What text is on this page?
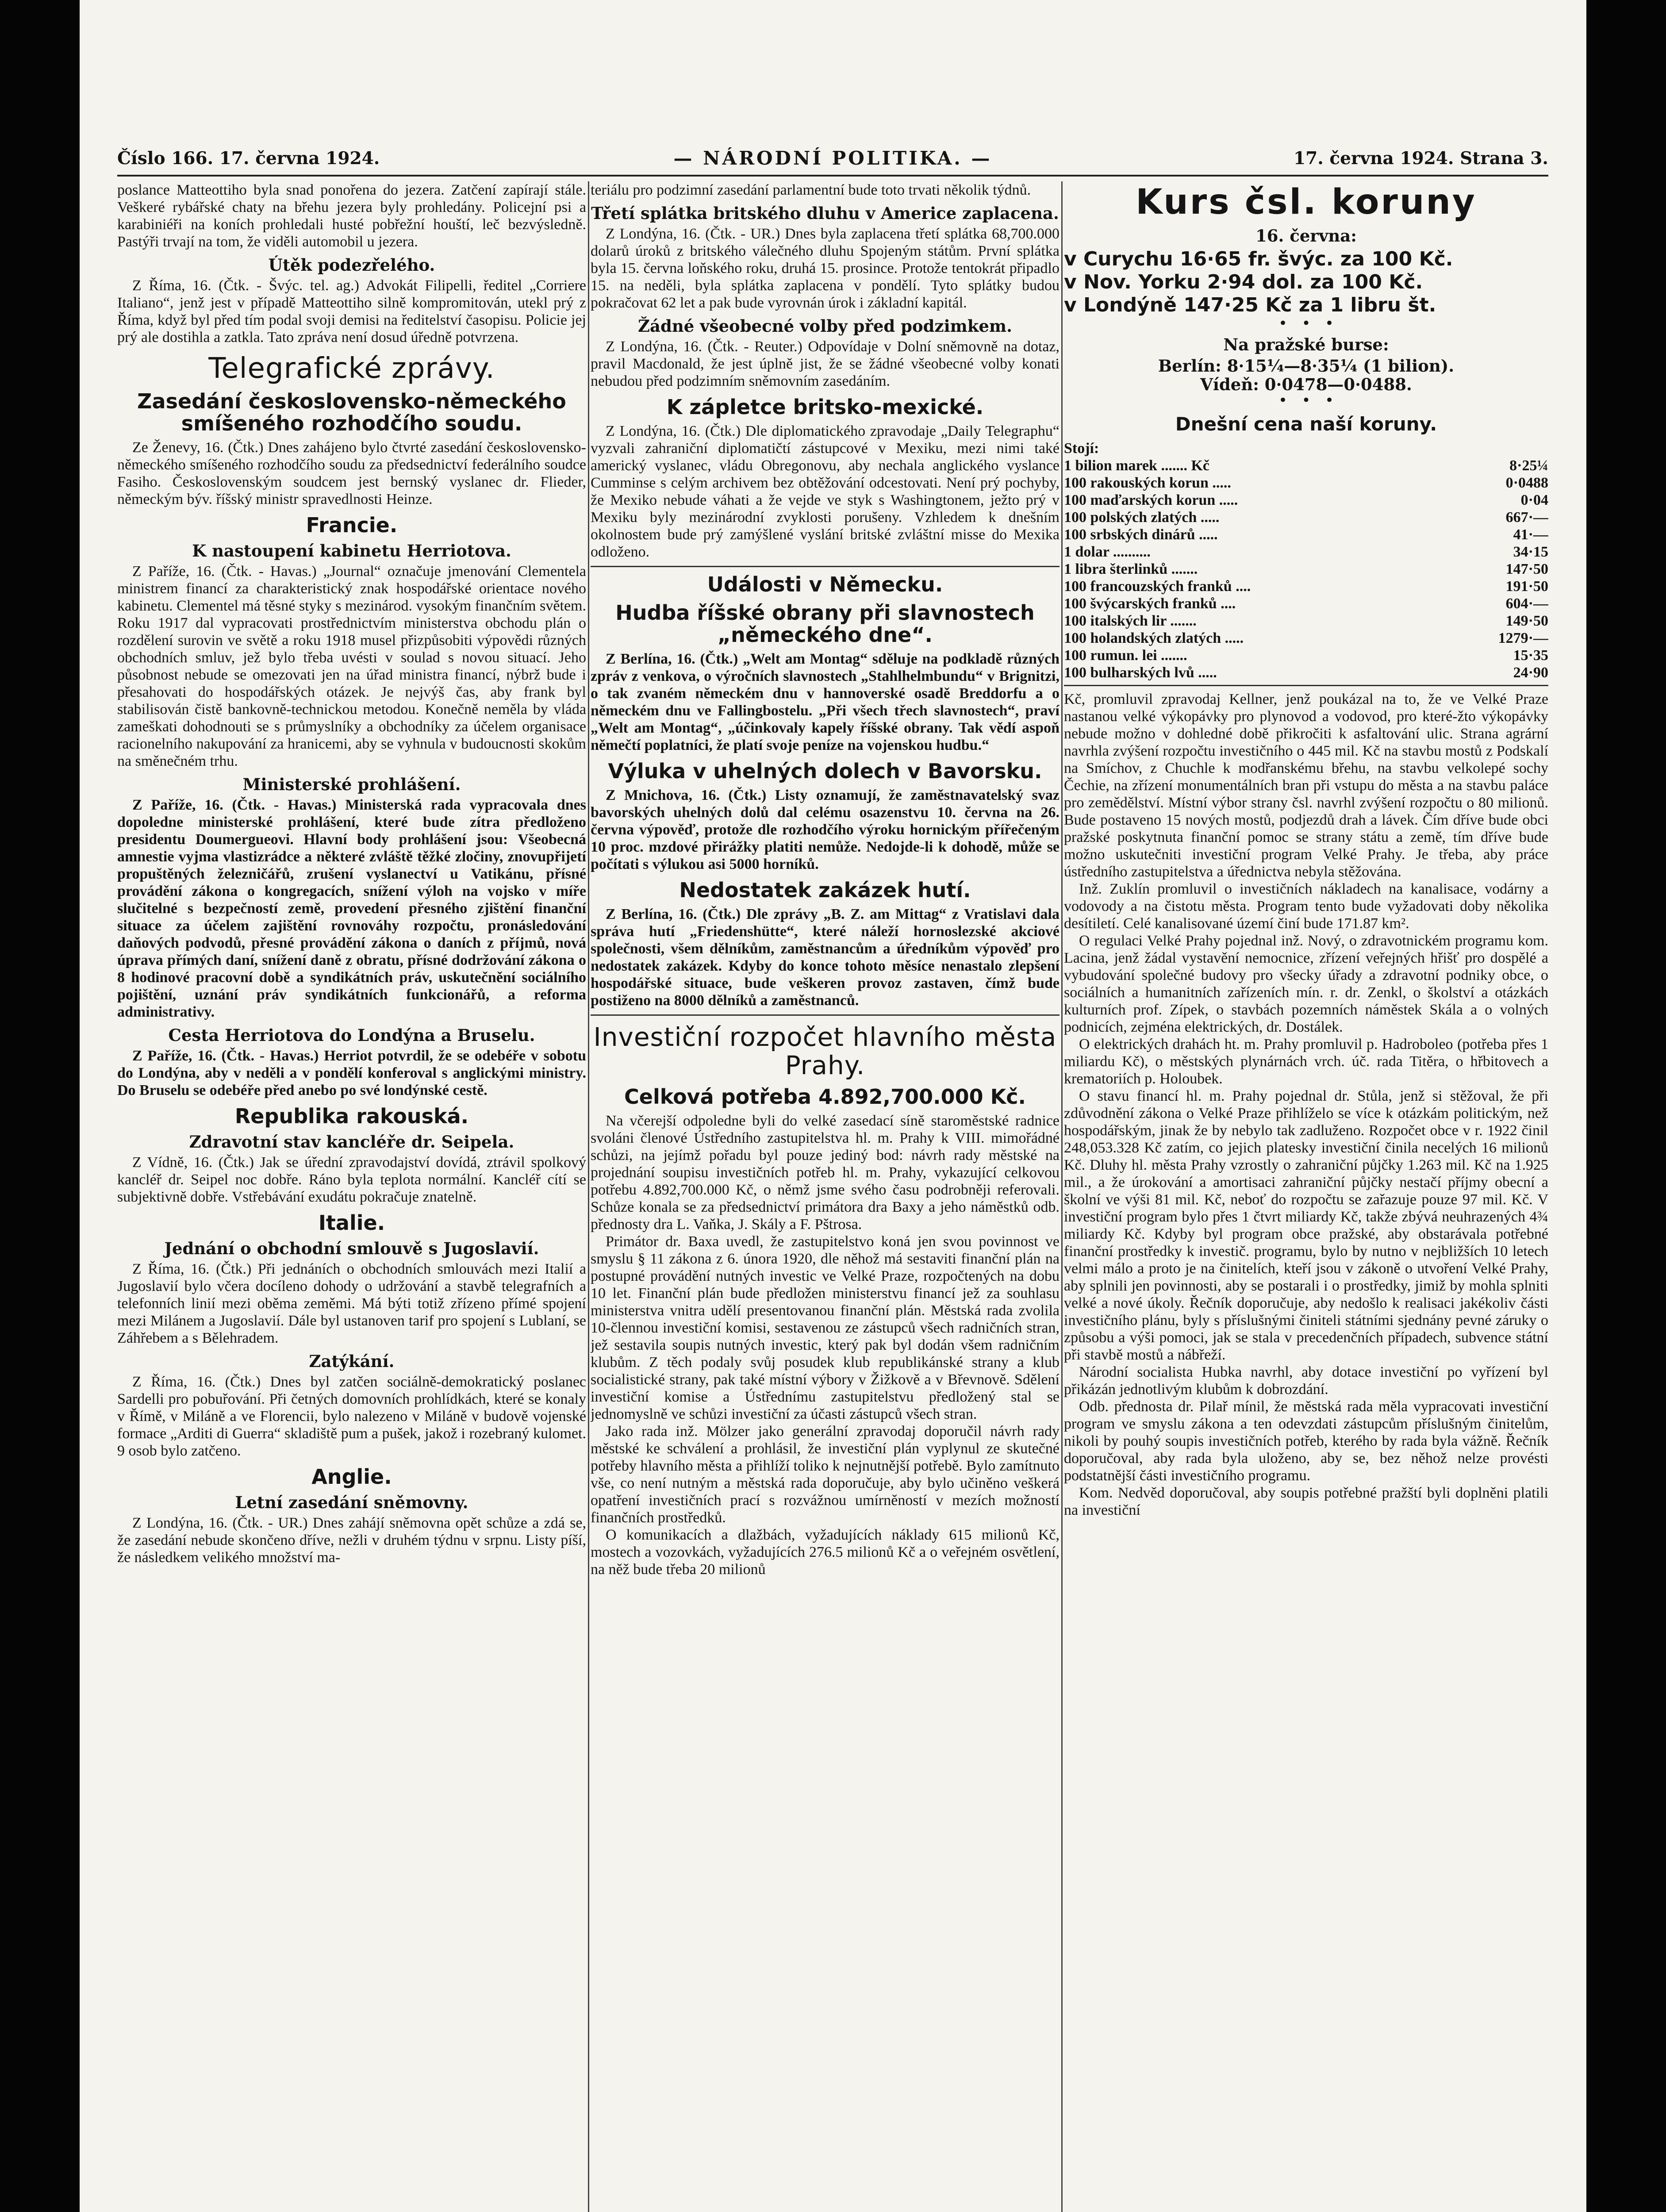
Číslo 166. 17. června 1924.	— NÁRODNÍ POLITIKA. —	17. června 1924. Strana 3.

poslance Matteottiho byla snad ponořena do jezera. Zatčení zapírají stále. Veškeré rybářské chaty na břehu jezera byly prohledány. Policejní psi a karabiniéři na koních prohledali husté pobřežní houští, leč bezvýsledně. Pastýři trvají na tom, že viděli automobil u jezera.

Útěk podezřelého.

Z Říma, 16. (Čtk. - Švýc. tel. ag.) Advokát Filipelli, ředitel „Corriere Italiano“, jenž jest v případě Matteottiho silně kompromitován, utekl prý z Říma, když byl před tím podal svoji demisi na ředitelství časopisu. Policie jej prý ale dostihla a zatkla. Tato zpráva není dosud úředně potvrzena.

Telegrafické zprávy.
Zasedání československo-německého smíšeného rozhodčího soudu.

Ze Ženevy, 16. (Čtk.) Dnes zahájeno bylo čtvrté zasedání československo-německého smíšeného rozhodčího soudu za předsednictví federálního soudce Fasiho. Československým soudcem jest bernský vyslanec dr. Flieder, německým býv. říšský ministr spravedlnosti Heinze.

Francie.
K nastoupení kabinetu Herriotova.

Z Paříže, 16. (Čtk. - Havas.) „Journal“ označuje jmenování Clementela ministrem financí za charakteristický znak hospodářské orientace nového kabinetu. Clementel má těsné styky s mezinárod. vysokým finančním světem. Roku 1917 dal vypracovati prostřednictvím ministerstva obchodu plán o rozdělení surovin ve světě a roku 1918 musel přizpůsobiti výpovědi různých obchodních smluv, jež bylo třeba uvésti v soulad s novou situací. Jeho působnost nebude se omezovati jen na úřad ministra financí, nýbrž bude i přesahovati do hospodářských otázek. Je nejvýš čas, aby frank byl stabilisován čistě bankovně-technickou metodou. Konečně neměla by vláda zameškati dohodnouti se s průmyslníky a obchodníky za účelem organisace racionelního nakupování za hranicemi, aby se vyhnula v budoucnosti skokům na směnečném trhu.

Ministerské prohlášení.

Z Paříže, 16. (Čtk. - Havas.) Ministerská rada vypracovala dnes dopoledne ministerské prohlášení, které bude zítra předloženo presidentu Doumergueovi. Hlavní body prohlášení jsou: Všeobecná amnestie vyjma vlastizrádce a některé zvláště těžké zločiny, znovupřijetí propuštěných železničářů, zrušení vyslanectví u Vatikánu, přísné provádění zákona o kongregacích, snížení výloh na vojsko v míře slučitelné s bezpečností země, provedení přesného zjištění finanční situace za účelem zajištění rovnováhy rozpočtu, pronásledování daňových podvodů, přesné provádění zákona o daních z příjmů, nová úprava přímých daní, snížení daně z obratu, přísné dodržování zákona o 8 hodinové pracovní době a syndikátních práv, uskutečnění sociálního pojištění, uznání práv syndikátních funkcionářů, a reforma administrativy.

Cesta Herriotova do Londýna a Bruselu.

Z Paříže, 16. (Čtk. - Havas.) Herriot potvrdil, že se odebéře v sobotu do Londýna, aby v neděli a v pondělí konferoval s anglickými ministry. Do Bruselu se odebéře před anebo po své londýnské cestě.

Republika rakouská.
Zdravotní stav kancléře dr. Seipela.

Z Vídně, 16. (Čtk.) Jak se úřední zpravodajství dovídá, ztrávil spolkový kancléř dr. Seipel noc dobře. Ráno byla teplota normální. Kancléř cítí se subjektivně dobře. Vstřebávání exudátu pokračuje znatelně.

Italie.
Jednání o obchodní smlouvě s Jugoslavií.

Z Říma, 16. (Čtk.) Při jednáních o obchodních smlouvách mezi Italií a Jugoslavií bylo včera docíleno dohody o udržování a stavbě telegrafních a telefonních linií mezi oběma zeměmi. Má býti totiž zřízeno přímé spojení mezi Milánem a Jugoslavií. Dále byl ustanoven tarif pro spojení s Lublaní, se Záhřebem a s Bělehradem.

Zatýkání.

Z Říma, 16. (Čtk.) Dnes byl zatčen sociálně-demokratický poslanec Sardelli pro pobuřování. Při četných domovních prohlídkách, které se konaly v Římě, v Miláně a ve Florencii, bylo nalezeno v Miláně v budově vojenské formace „Arditi di Guerra“ skladiště pum a pušek, jakož i rozebraný kulomet. 9 osob bylo zatčeno.

Anglie.
Letní zasedání sněmovny.

Z Londýna, 16. (Čtk. - UR.) Dnes zahájí sněmovna opět schůze a zdá se, že zasedání nebude skončeno dříve, nežli v druhém týdnu v srpnu. Listy píší, že následkem velikého množství ma-

teriálu pro podzimní zasedání parlamentní bude toto trvati několik týdnů.

Třetí splátka britského dluhu v Americe zaplacena.

Z Londýna, 16. (Čtk. - UR.) Dnes byla zaplacena třetí splátka 68,700.000 dolarů úroků z britského válečného dluhu Spojeným státům. První splátka byla 15. června loňského roku, druhá 15. prosince. Protože tentokrát připadlo 15. na neděli, byla splátka zaplacena v pondělí. Tyto splátky budou pokračovat 62 let a pak bude vyrovnán úrok i základní kapitál.

Žádné všeobecné volby před podzimkem.

Z Londýna, 16. (Čtk. - Reuter.) Odpovídaje v Dolní sněmovně na dotaz, pravil Macdonald, že jest úplně jist, že se žádné všeobecné volby konati nebudou před podzimním sněmovním zasedáním.

K zápletce britsko-mexické.

Z Londýna, 16. (Čtk.) Dle diplomatického zpravodaje „Daily Telegraphu“ vyzvali zahraniční diplomatičtí zástupcové v Mexiku, mezi nimi také americký vyslanec, vládu Obregonovu, aby nechala anglického vyslance Cumminse s celým archivem bez obtěžování odcestovati. Není prý pochyby, že Mexiko nebude váhati a že vejde ve styk s Washingtonem, ježto prý v Mexiku byly mezinárodní zvyklosti porušeny. Vzhledem k dnešním okolnostem bude prý zamýšlené vyslání britské zvláštní misse do Mexika odloženo.

Události v Německu.
Hudba říšské obrany při slavnostech „německého dne“.

Z Berlína, 16. (Čtk.) „Welt am Montag“ sděluje na podkladě různých zpráv z venkova, o výročních slavnostech „Stahlhelmbundu“ v Brignitzi, o tak zvaném německém dnu v hannoverské osadě Breddorfu a o německém dnu ve Fallingbostelu. „Při všech třech slavnostech“, praví „Welt am Montag“, „účinkovaly kapely říšské obrany. Tak vědí aspoň němečtí poplatníci, že platí svoje peníze na vojenskou hudbu.“

Výluka v uhelných dolech v Bavorsku.

Z Mnichova, 16. (Čtk.) Listy oznamují, že zaměstnavatelský svaz bavorských uhelných dolů dal celému osazenstvu 10. června na 26. června výpověď, protože dle rozhodčího výroku hornickým přířečeným 10 proc. mzdové přirážky platiti nemůže. Nedojde-li k dohodě, může se počítati s výlukou asi 5000 horníků.

Nedostatek zakázek hutí.

Z Berlína, 16. (Čtk.) Dle zprávy „B. Z. am Mittag“ z Vratislavi dala správa hutí „Friedenshütte“, které náleží hornoslezské akciové společnosti, všem dělníkům, zaměstnancům a úředníkům výpověď pro nedostatek zakázek. Kdyby do konce tohoto měsíce nenastalo zlepšení hospodářské situace, bude veškeren provoz zastaven, čímž bude postiženo na 8000 dělníků a zaměstnanců.

Investiční rozpočet hlavního města Prahy.
Celková potřeba 4.892,700.000 Kč.

Na včerejší odpoledne byli do velké zasedací síně staroměstské radnice svoláni členové Ústředního zastupitelstva hl. m. Prahy k VIII. mimořádné schůzi, na jejímž pořadu byl pouze jediný bod: návrh rady městské na projednání soupisu investičních potřeb hl. m. Prahy, vykazující celkovou potřebu 4.892,700.000 Kč, o němž jsme svého času podrobněji referovali. Schůze konala se za předsednictví primátora dra Baxy a jeho náměstků odb. přednosty dra L. Vaňka, J. Skály a F. Pštrosa.

Primátor dr. Baxa uvedl, že zastupitelstvo koná jen svou povinnost ve smyslu § 11 zákona z 6. února 1920, dle něhož má sestaviti finanční plán na postupné provádění nutných investic ve Velké Praze, rozpočtených na dobu 10 let. Finanční plán bude předložen ministerstvu financí jež za souhlasu ministerstva vnitra udělí presentovanou finanční plán. Městská rada zvolila 10-člennou investiční komisi, sestavenou ze zástupců všech radničních stran, jež sestavila soupis nutných investic, který pak byl dodán všem radničním klubům. Z těch podaly svůj posudek klub republikánské strany a klub socialistické strany, pak také místní výbory v Žižkově a v Břevnově. Sdělení investiční komise a Ústřednímu zastupitelstvu předložený stal se jednomyslně ve schůzi investiční za účasti zástupců všech stran.

Jako rada inž. Mölzer jako generální zpravodaj doporučil návrh rady městské ke schválení a prohlásil, že investiční plán vyplynul ze skutečné potřeby hlavního města a přihlíží toliko k nejnutnější potřebě. Bylo zamítnuto vše, co není nutným a městská rada doporučuje, aby bylo učiněno veškerá opatření investičních prací s rozvážnou umírněností v mezích možností finančních prostředků.

O komunikacích a dlažbách, vyžadujících náklady 615 milionů Kč, mostech a vozovkách, vyžadujících 276.5 milionů Kč a o veřejném osvětlení, na něž bude třeba 20 milionů

Kurs čsl. koruny
16. června:
v Curychu 16·65 fr. švýc. za 100 Kč.
v Nov. Yorku 2·94 dol. za 100 Kč.
v Londýně 147·25 Kč za 1 libru št.
•   •   •
Na pražské burse:
Berlín: 8·15¼—8·35¼ (1 bilion).
Vídeň: 0·0478—0·0488.
•   •   •
Dnešní cena naší koruny.
Stojí:
1 bilion marek ....... Kč	8·25¼
100 rakouských korun .....	0·0488
100 maďarských korun .....	0·04
100 polských zlatých .....	667·—
100 srbských dinárů .....	41·—
1 dolar ..........	34·15
1 libra šterlinků .......	147·50
100 francouzských franků ....	191·50
100 švýcarských franků ....	604·—
100 italských lir .......	149·50
100 holandských zlatých .....	1279·—
100 rumun. lei .......	15·35
100 bulharských lvů .....	24·90

Kč, promluvil zpravodaj Kellner, jenž poukázal na to, že ve Velké Praze nastanou velké výkopávky pro plynovod a vodovod, pro které-žto výkopávky nebude možno v dohledné době přikročiti k asfaltování ulic. Strana agrární navrhla zvýšení rozpočtu investičního o 445 mil. Kč na stavbu mostů z Podskalí na Smíchov, z Chuchle k modřanskému břehu, na stavbu velkolepé sochy Čechie, na zřízení monumentálních bran při vstupu do města a na stavbu paláce pro zemědělství. Místní výbor strany čsl. navrhl zvýšení rozpočtu o 80 milionů. Bude postaveno 15 nových mostů, podjezdů drah a lávek. Čím dříve bude obci pražské poskytnuta finanční pomoc se strany státu a země, tím dříve bude možno uskutečniti investiční program Velké Prahy. Je třeba, aby práce ústředního zastupitelstva a úřednictva nebyla stěžována.

Inž. Zuklín promluvil o investičních nákladech na kanalisace, vodárny a vodovody a na čistotu města. Program tento bude vyžadovati doby několika desítiletí. Celé kanalisované území činí bude 171.87 km².

O regulaci Velké Prahy pojednal inž. Nový, o zdravotnickém programu kom. Lacina, jenž žádal vystavění nemocnice, zřízení veřejných hřišť pro dospělé a vybudování společné budovy pro všecky úřady a zdravotní podniky obce, o sociálních a humanitních zařízeních mín. r. dr. Zenkl, o školství a otázkách kulturních prof. Zípek, o stavbách pozemních náměstek Skála a o volných podnicích, zejména elektrických, dr. Dostálek.

O elektrických drahách ht. m. Prahy promluvil p. Hadroboleo (potřeba přes 1 miliardu Kč), o městských plynárnách vrch. úč. rada Titěra, o hřbitovech a krematoriích p. Holoubek.

O stavu financí hl. m. Prahy pojednal dr. Stůla, jenž si stěžoval, že při zdůvodnění zákona o Velké Praze přihlíželo se více k otázkám politickým, než hospodářským, jinak že by nebylo tak zadluženo. Rozpočet obce v r. 1922 činil 248,053.328 Kč zatím, co jejich platesky investiční činila necelých 16 milionů Kč. Dluhy hl. města Prahy vzrostly o zahraniční půjčky 1.263 mil. Kč na 1.925 mil., a že úrokování a amortisaci zahraniční půjčky nestačí příjmy obecní a školní ve výši 81 mil. Kč, neboť do rozpočtu se zařazuje pouze 97 mil. Kč. V investiční program bylo přes 1 čtvrt miliardy Kč, takže zbývá neuhrazených 4¾ miliardy Kč. Kdyby byl program obce pražské, aby obstarávala potřebné finanční prostředky k investič. programu, bylo by nutno v nejbližších 10 letech velmi málo a proto je na činitelích, kteří jsou v zákoně o utvoření Velké Prahy, aby splnili jen povinnosti, aby se postarali i o prostředky, jimiž by mohla splniti velké a nové úkoly. Řečník doporučuje, aby nedošlo k realisaci jakékoliv části investičního plánu, byly s příslušnými činiteli státními sjednány pevné záruky o způsobu a výši pomoci, jak se stala v precedenčních případech, subvence státní při stavbě mostů a nábřeží.

Národní socialista Hubka navrhl, aby dotace investiční po vyřízení byl přikázán jednotlivým klubům k dobrozdání.

Odb. přednosta dr. Pilař mínil, že městská rada měla vypracovati investiční program ve smyslu zákona a ten odevzdati zástupcům příslušným činitelům, nikoli by pouhý soupis investičních potřeb, kterého by rada byla vážně. Řečník doporučoval, aby rada byla uloženo, aby se, bez něhož nelze provésti podstatnější části investičního programu.

Kom. Nedvěd doporučoval, aby soupis potřebné pražští byli doplněni platili na investiční
